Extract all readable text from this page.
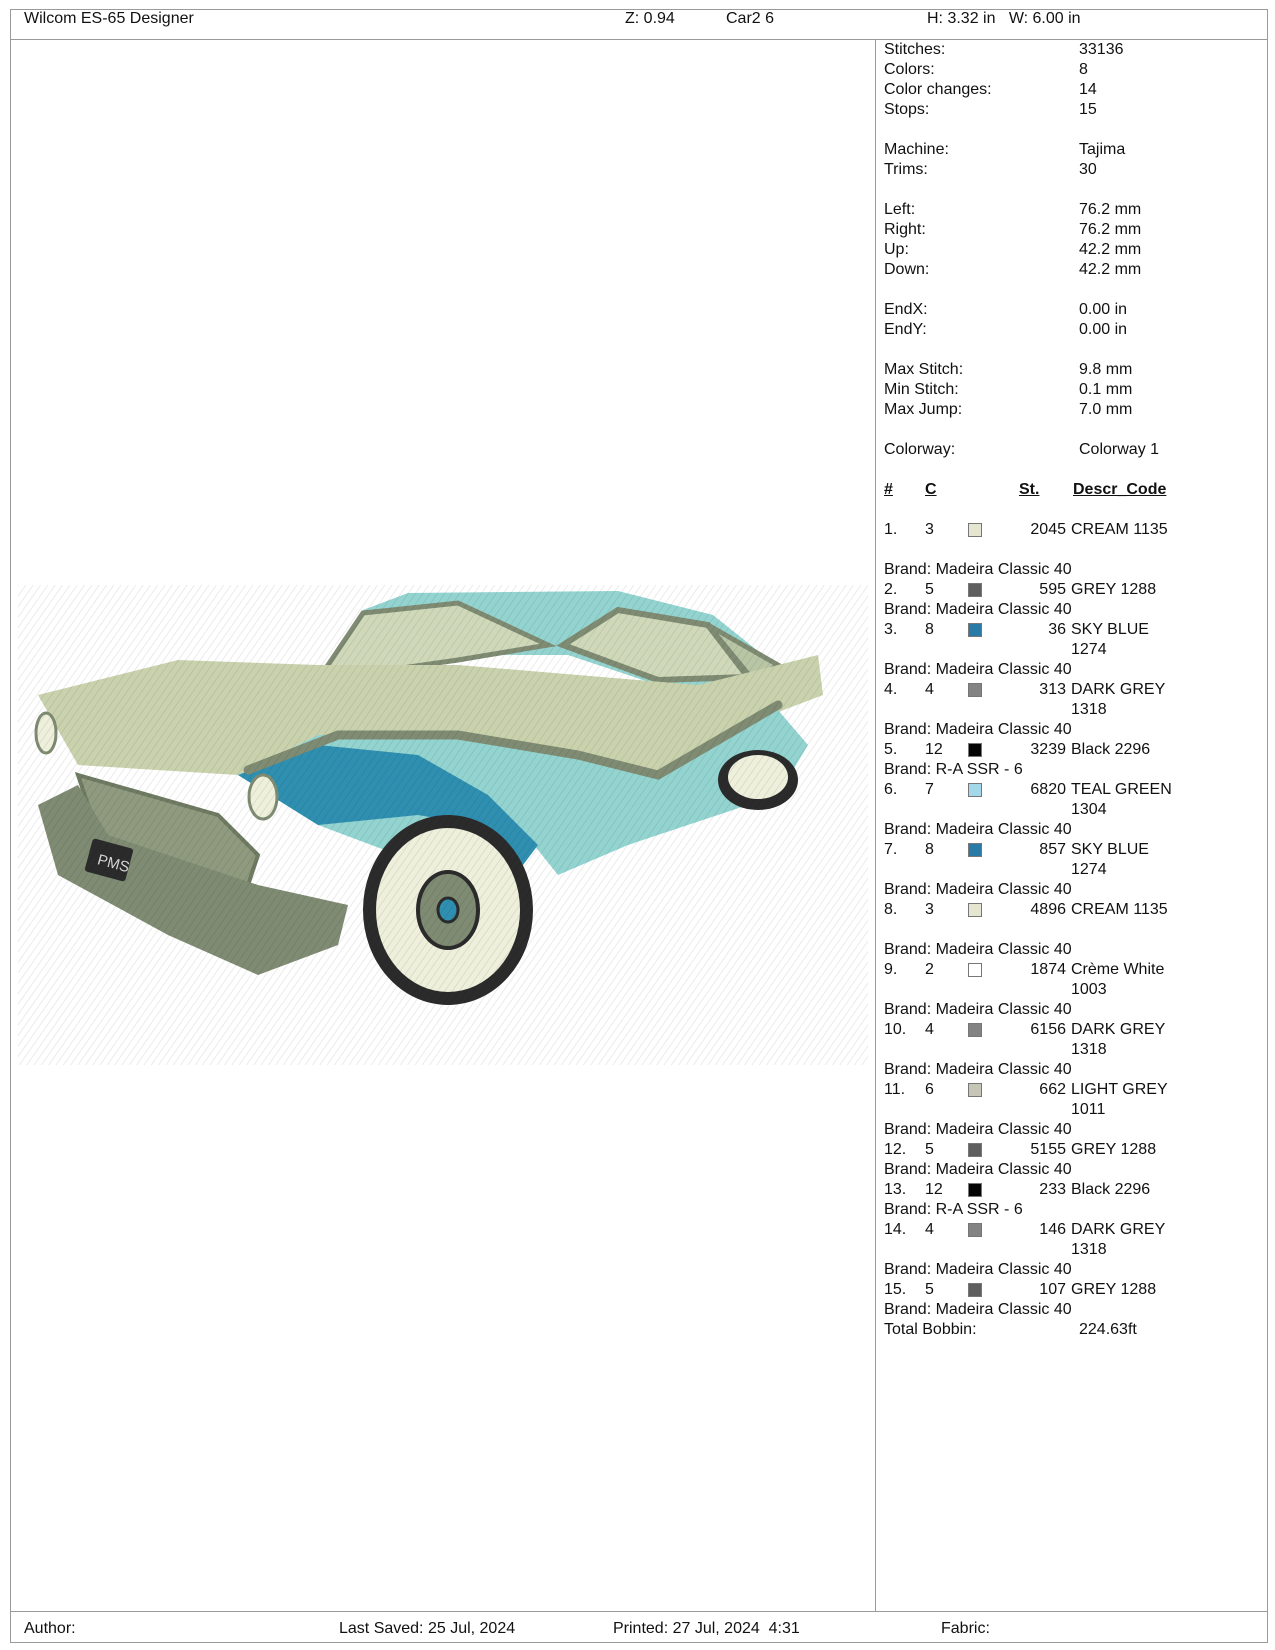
Wilcom ES-65 Designer	Z: 0.94	Car2 6	H: 3.32 in   W: 6.00 in
Stitches:	33136
Colors:	8
Color changes:	14
Stops:	15
Machine:	Tajima
Trims:	30
Left:	76.2 mm
Right:	76.2 mm
Up:	42.2 mm
Down:	42.2 mm
EndX:	0.00 in
EndY:	0.00 in
Max Stitch:	9.8 mm
Min Stitch:	0.1 mm
Max Jump:	7.0 mm
Colorway:	Colorway 1
# C	St. Descr_Code
1. 3	2045 CREAM 1135
Brand: Madeira Classic 40
2. 5	595 GREY 1288
Brand: Madeira Classic 40
3. 8	36 SKY BLUE
1274
Brand: Madeira Classic 40
4. 4	313 DARK GREY
1318
Brand: Madeira Classic 40
5. 12	3239 Black 2296
Brand: R-A SSR - 6
6. 7	6820 TEAL GREEN
1304
Brand: Madeira Classic 40
7. 8	857 SKY BLUE
1274
Brand: Madeira Classic 40
8. 3	4896 CREAM 1135
Brand: Madeira Classic 40
9. 2	1874 Crème White
1003
Brand: Madeira Classic 40
10. 4	6156 DARK GREY
1318
Brand: Madeira Classic 40
11. 6	662 LIGHT GREY
1011
Brand: Madeira Classic 40
12. 5	5155 GREY 1288
Brand: Madeira Classic 40
13. 12	233 Black 2296
Brand: R-A SSR - 6
14. 4	146 DARK GREY
1318
Brand: Madeira Classic 40
15. 5	107 GREY 1288
Brand: Madeira Classic 40
Total Bobbin:	224.63ft
Author:	Last Saved: 25 Jul, 2024	Printed: 27 Jul, 2024  4:31	Fabric:
